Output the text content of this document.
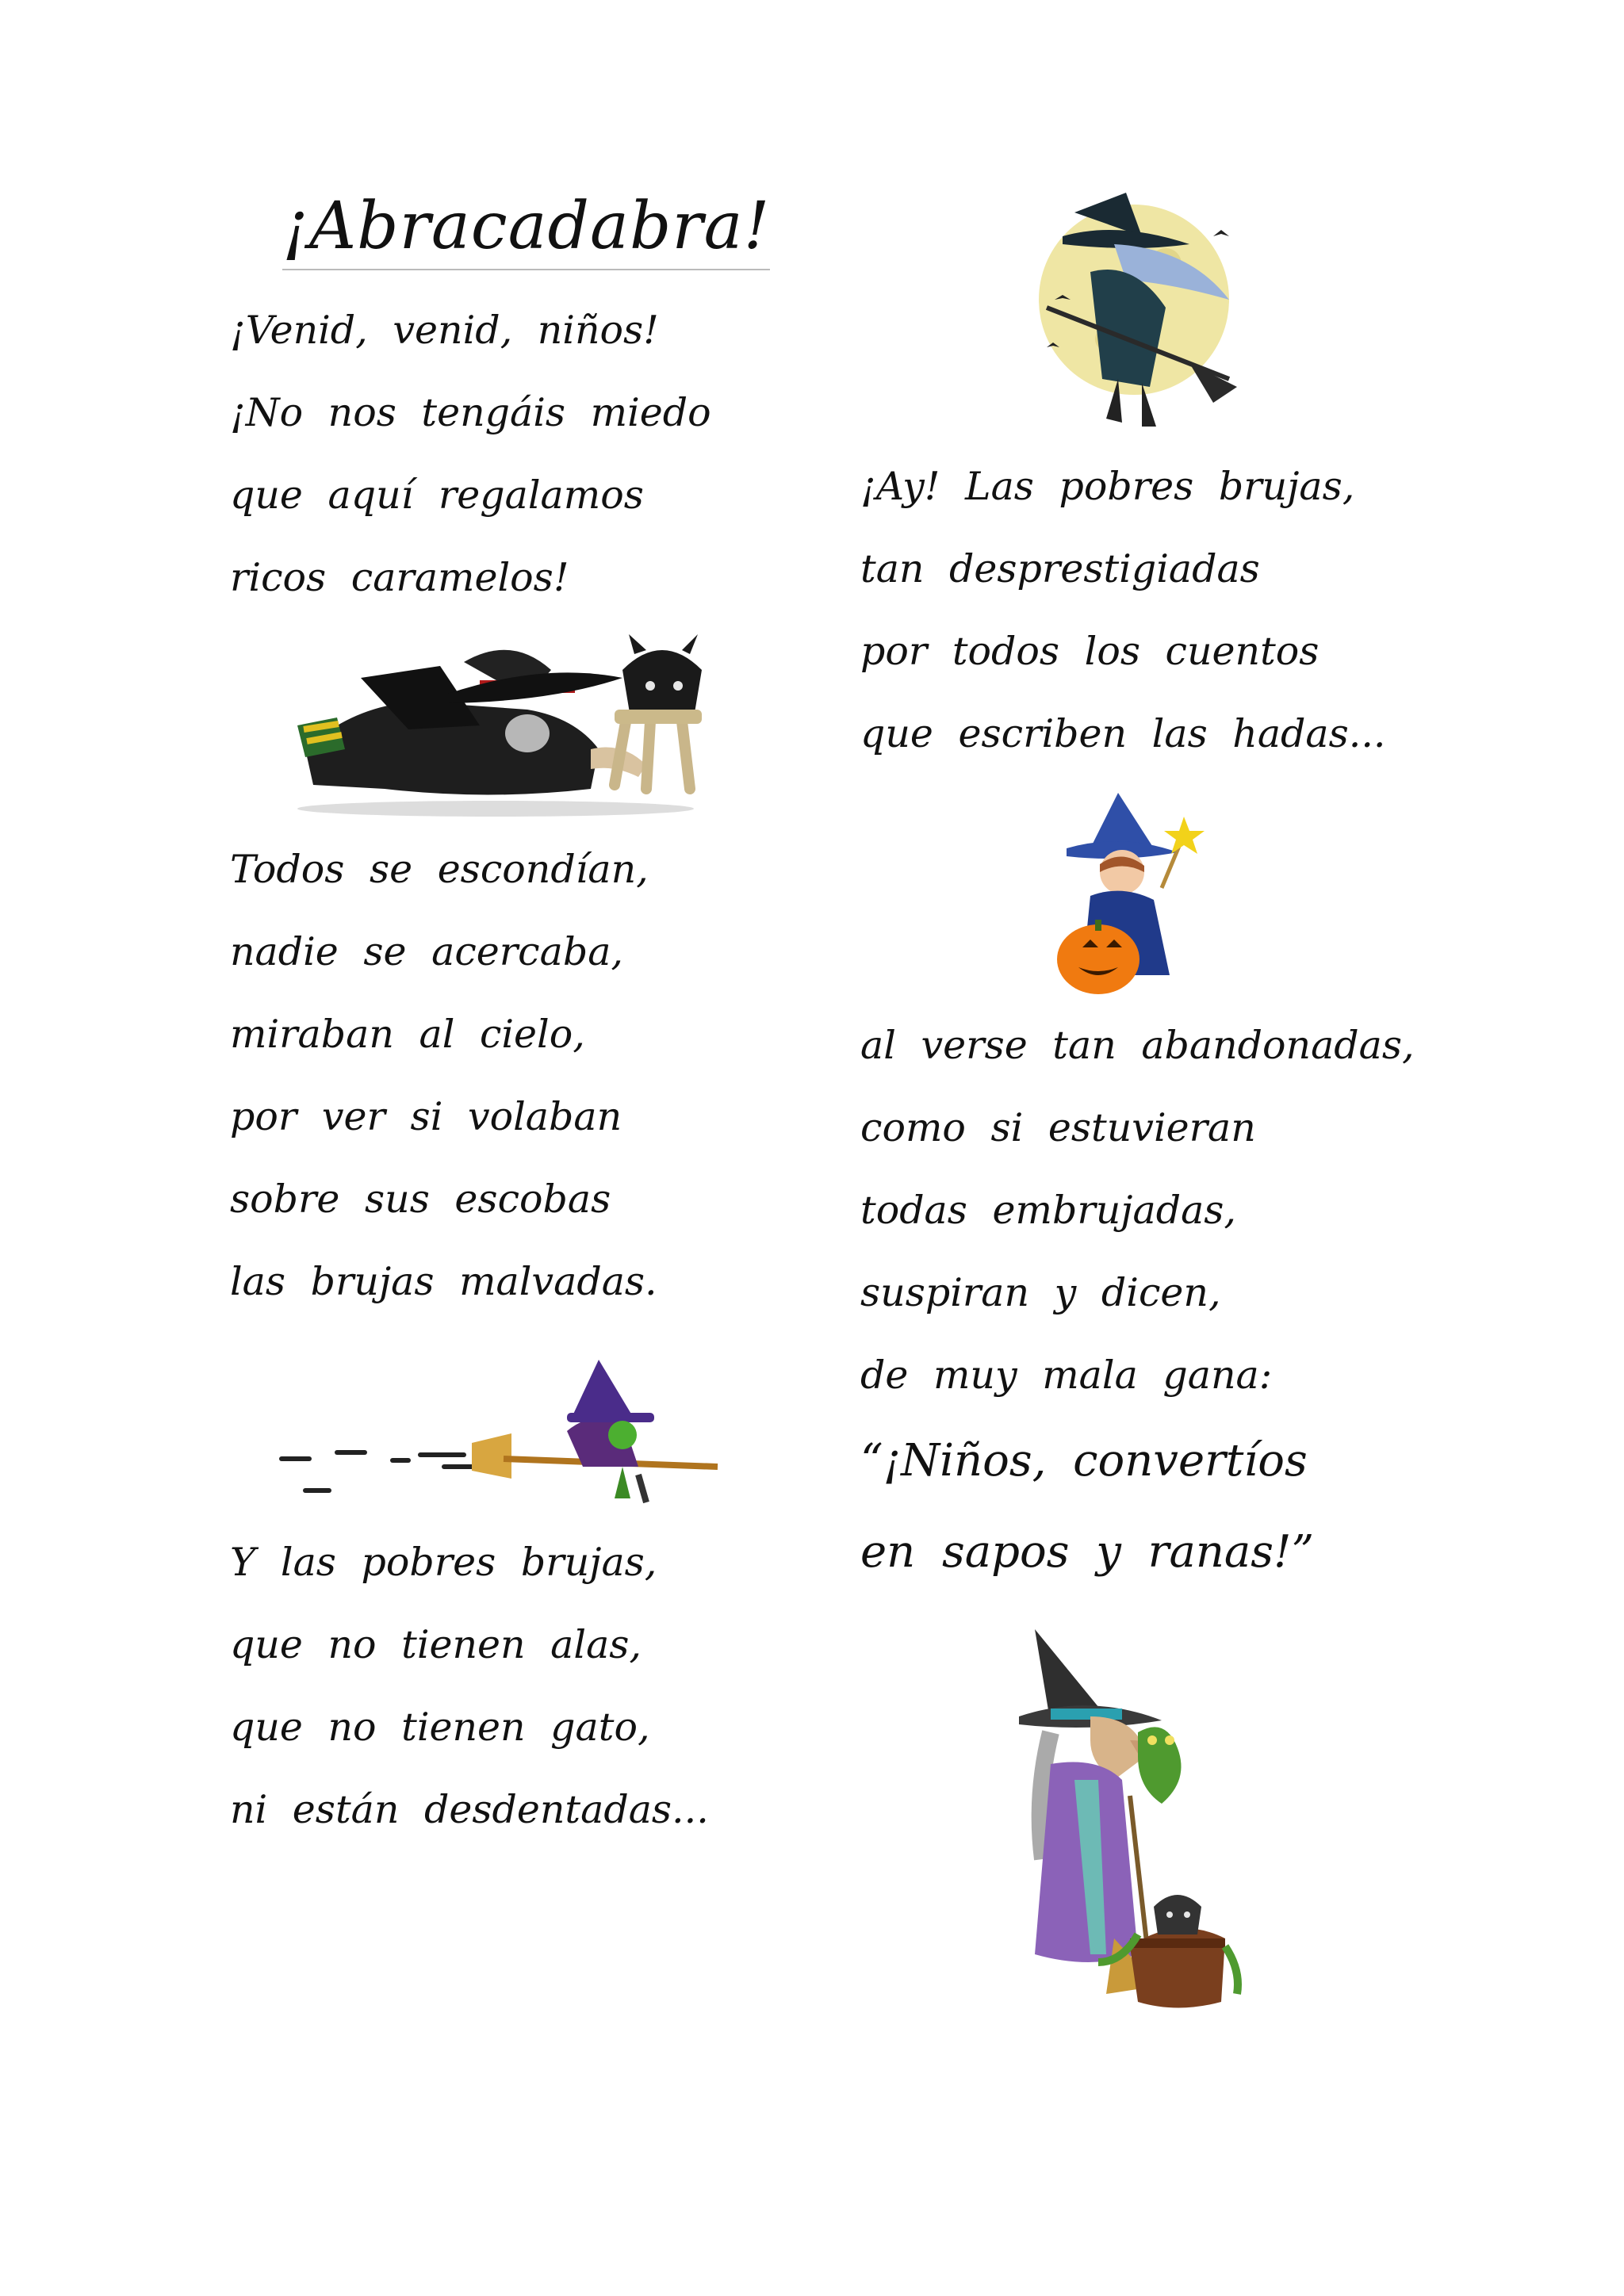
¡Abracadabra!
¡Venid, venid, niños!
¡No nos tengáis miedo
que aquí regalamos
ricos caramelos!
Todos se escondían,
nadie se acercaba,
miraban al cielo,
por ver si volaban
sobre sus escobas
las brujas malvadas.
Y las pobres brujas,
que no tienen alas,
que no tienen gato,
ni están desdentadas...
¡Ay! Las pobres brujas,
tan desprestigiadas
por todos los cuentos
que escriben las hadas...
al verse tan abandonadas,
como si estuvieran
todas embrujadas,
suspiran y dicen,
de muy mala gana:
“¡Niños, convertíos
en sapos y ranas!”
